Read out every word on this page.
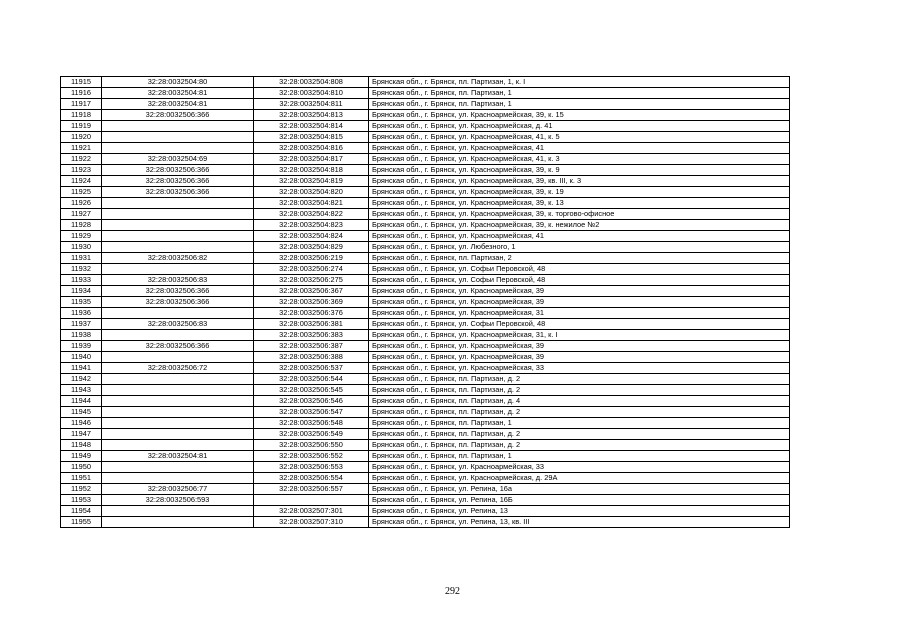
11915	32:28:0032504:80	32:28:0032504:808	Брянская обл., г. Брянск, пл. Партизан, 1, к. I
11916	32:28:0032504:81	32:28:0032504:810	Брянская обл., г. Брянск, пл. Партизан, 1
11917	32:28:0032504:81	32:28:0032504:811	Брянская обл., г. Брянск, пл. Партизан, 1
11918	32:28:0032506:366	32:28:0032504:813	Брянская обл., г. Брянск, ул. Красноармейская, 39, к. 15
11919		32:28:0032504:814	Брянская обл., г. Брянск, ул. Красноармейская, д. 41
11920		32:28:0032504:815	Брянская обл., г. Брянск, ул. Красноармейская, 41, к. 5
11921		32:28:0032504:816	Брянская обл., г. Брянск, ул. Красноармейская, 41
11922	32:28:0032504:69	32:28:0032504:817	Брянская обл., г. Брянск, ул. Красноармейская, 41, к. 3
11923	32:28:0032506:366	32:28:0032504:818	Брянская обл., г. Брянск, ул. Красноармейская, 39, к. 9
11924	32:28:0032506:366	32:28:0032504:819	Брянская обл., г. Брянск, ул. Красноармейская, 39, кв. III, к. 3
11925	32:28:0032506:366	32:28:0032504:820	Брянская обл., г. Брянск, ул. Красноармейская, 39, к. 19
11926		32:28:0032504:821	Брянская обл., г. Брянск, ул. Красноармейская, 39, к. 13
11927		32:28:0032504:822	Брянская обл., г. Брянск, ул. Красноармейская, 39, к. торгово-офисное
11928		32:28:0032504:823	Брянская обл., г. Брянск, ул. Красноармейская, 39, к. нежилое №2
11929		32:28:0032504:824	Брянская обл., г. Брянск, ул. Красноармейская, 41
11930		32:28:0032504:829	Брянская обл., г. Брянск, ул. Любезного, 1
11931	32:28:0032506:82	32:28:0032506:219	Брянская обл., г. Брянск, пл. Партизан, 2
11932		32:28:0032506:274	Брянская обл., г. Брянск, ул. Софьи Перовской, 48
11933	32:28:0032506:83	32:28:0032506:275	Брянская обл., г. Брянск, ул. Софьи Перовской, 48
11934	32:28:0032506:366	32:28:0032506:367	Брянская обл., г. Брянск, ул. Красноармейская, 39
11935	32:28:0032506:366	32:28:0032506:369	Брянская обл., г. Брянск, ул. Красноармейская, 39
11936		32:28:0032506:376	Брянская обл., г. Брянск, ул. Красноармейская, 31
11937	32:28:0032506:83	32:28:0032506:381	Брянская обл., г. Брянск, ул. Софьи Перовской, 48
11938		32:28:0032506:383	Брянская обл., г. Брянск, ул. Красноармейская, 31, к. I
11939	32:28:0032506:366	32:28:0032506:387	Брянская обл., г. Брянск, ул. Красноармейская, 39
11940		32:28:0032506:388	Брянская обл., г. Брянск, ул. Красноармейская, 39
11941	32:28:0032506:72	32:28:0032506:537	Брянская обл., г. Брянск, ул. Красноармейская, 33
11942		32:28:0032506:544	Брянская обл., г. Брянск, пл. Партизан, д. 2
11943		32:28:0032506:545	Брянская обл., г. Брянск, пл. Партизан, д. 2
11944		32:28:0032506:546	Брянская обл., г. Брянск, пл. Партизан, д. 4
11945		32:28:0032506:547	Брянская обл., г. Брянск, пл. Партизан, д. 2
11946		32:28:0032506:548	Брянская обл., г. Брянск, пл. Партизан, 1
11947		32:28:0032506:549	Брянская обл., г. Брянск, пл. Партизан, д. 2
11948		32:28:0032506:550	Брянская обл., г. Брянск, пл. Партизан, д. 2
11949	32:28:0032504:81	32:28:0032506:552	Брянская обл., г. Брянск, пл. Партизан, 1
11950		32:28:0032506:553	Брянская обл., г. Брянск, ул. Красноармейская, 33
11951		32:28:0032506:554	Брянская обл., г. Брянск, ул. Красноармейская, д. 29А
11952	32:28:0032506:77	32:28:0032506:557	Брянская обл., г. Брянск, ул. Репина, 16а
11953	32:28:0032506:593		Брянская обл., г. Брянск, ул. Репина, 16Б
11954		32:28:0032507:301	Брянская обл., г. Брянск, ул. Репина, 13
11955		32:28:0032507:310	Брянская обл., г. Брянск, ул. Репина, 13, кв. III
292
